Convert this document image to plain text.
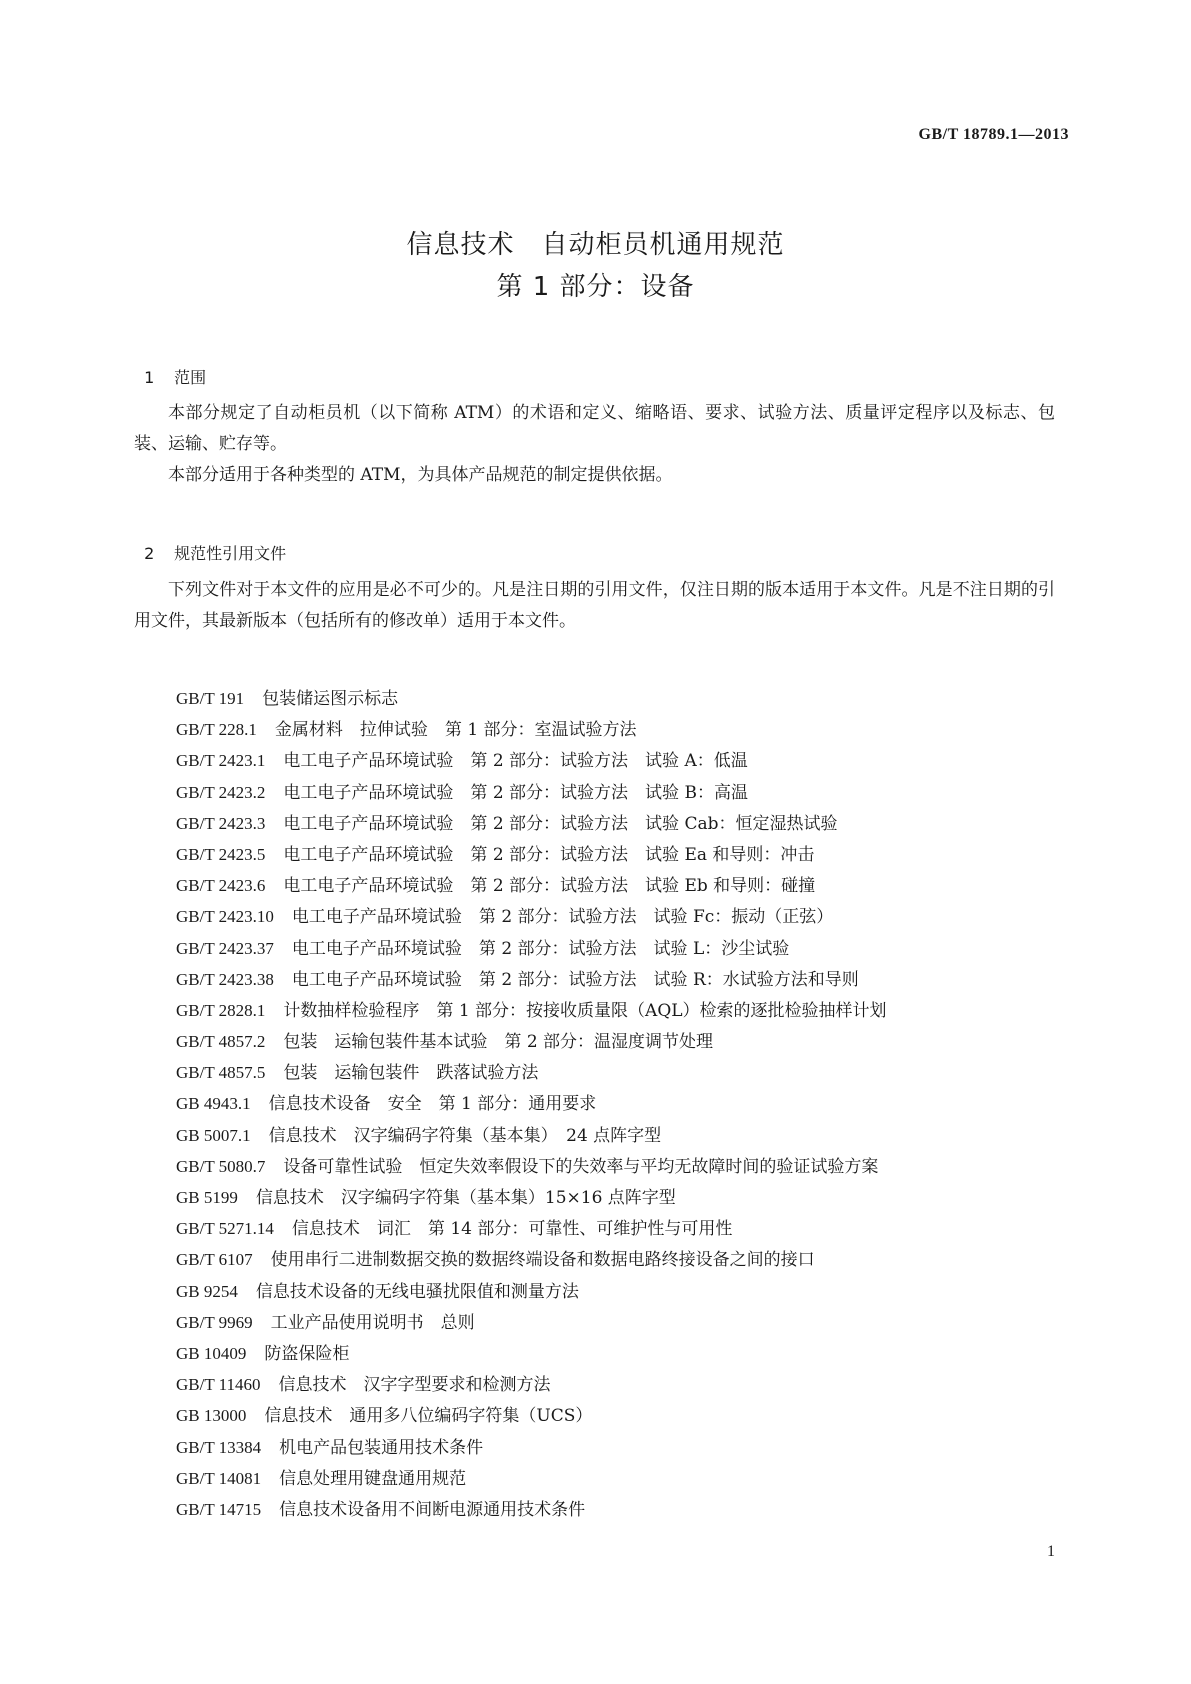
GB/T 18789.1—2013
信息技术　自动柜员机通用规范
第 1 部分：设备

1 范围

本部分规定了自动柜员机（以下简称 ATM）的术语和定义、缩略语、要求、试验方法、质量评定程序以及标志、包装、运输、贮存等。

本部分适用于各种类型的 ATM，为具体产品规范的制定提供依据。

2 规范性引用文件

下列文件对于本文件的应用是必不可少的。凡是注日期的引用文件，仅注日期的版本适用于本文件。凡是不注日期的引用文件，其最新版本（包括所有的修改单）适用于本文件。

GB/T 191 包装储运图示标志
GB/T 228.1 金属材料　拉伸试验　第 1 部分：室温试验方法
GB/T 2423.1 电工电子产品环境试验　第 2 部分：试验方法　试验 A：低温
GB/T 2423.2 电工电子产品环境试验　第 2 部分：试验方法　试验 B：高温
GB/T 2423.3 电工电子产品环境试验　第 2 部分：试验方法　试验 Cab：恒定湿热试验
GB/T 2423.5 电工电子产品环境试验　第 2 部分：试验方法　试验 Ea 和导则：冲击
GB/T 2423.6 电工电子产品环境试验　第 2 部分：试验方法　试验 Eb 和导则：碰撞
GB/T 2423.10 电工电子产品环境试验　第 2 部分：试验方法　试验 Fc：振动（正弦）
GB/T 2423.37 电工电子产品环境试验　第 2 部分：试验方法　试验 L：沙尘试验
GB/T 2423.38 电工电子产品环境试验　第 2 部分：试验方法　试验 R：水试验方法和导则
GB/T 2828.1 计数抽样检验程序　第 1 部分：按接收质量限（AQL）检索的逐批检验抽样计划
GB/T 4857.2 包装　运输包装件基本试验　第 2 部分：温湿度调节处理
GB/T 4857.5 包装　运输包装件　跌落试验方法
GB 4943.1 信息技术设备　安全　第 1 部分：通用要求
GB 5007.1 信息技术　汉字编码字符集（基本集）　24 点阵字型
GB/T 5080.7 设备可靠性试验　恒定失效率假设下的失效率与平均无故障时间的验证试验方案
GB 5199 信息技术　汉字编码字符集（基本集）15×16 点阵字型
GB/T 5271.14 信息技术　词汇　第 14 部分：可靠性、可维护性与可用性
GB/T 6107 使用串行二进制数据交换的数据终端设备和数据电路终接设备之间的接口
GB 9254 信息技术设备的无线电骚扰限值和测量方法
GB/T 9969 工业产品使用说明书　总则
GB 10409 防盗保险柜
GB/T 11460 信息技术　汉字字型要求和检测方法
GB 13000 信息技术　通用多八位编码字符集（UCS）
GB/T 13384 机电产品包装通用技术条件
GB/T 14081 信息处理用键盘通用规范
GB/T 14715 信息技术设备用不间断电源通用技术条件
1
